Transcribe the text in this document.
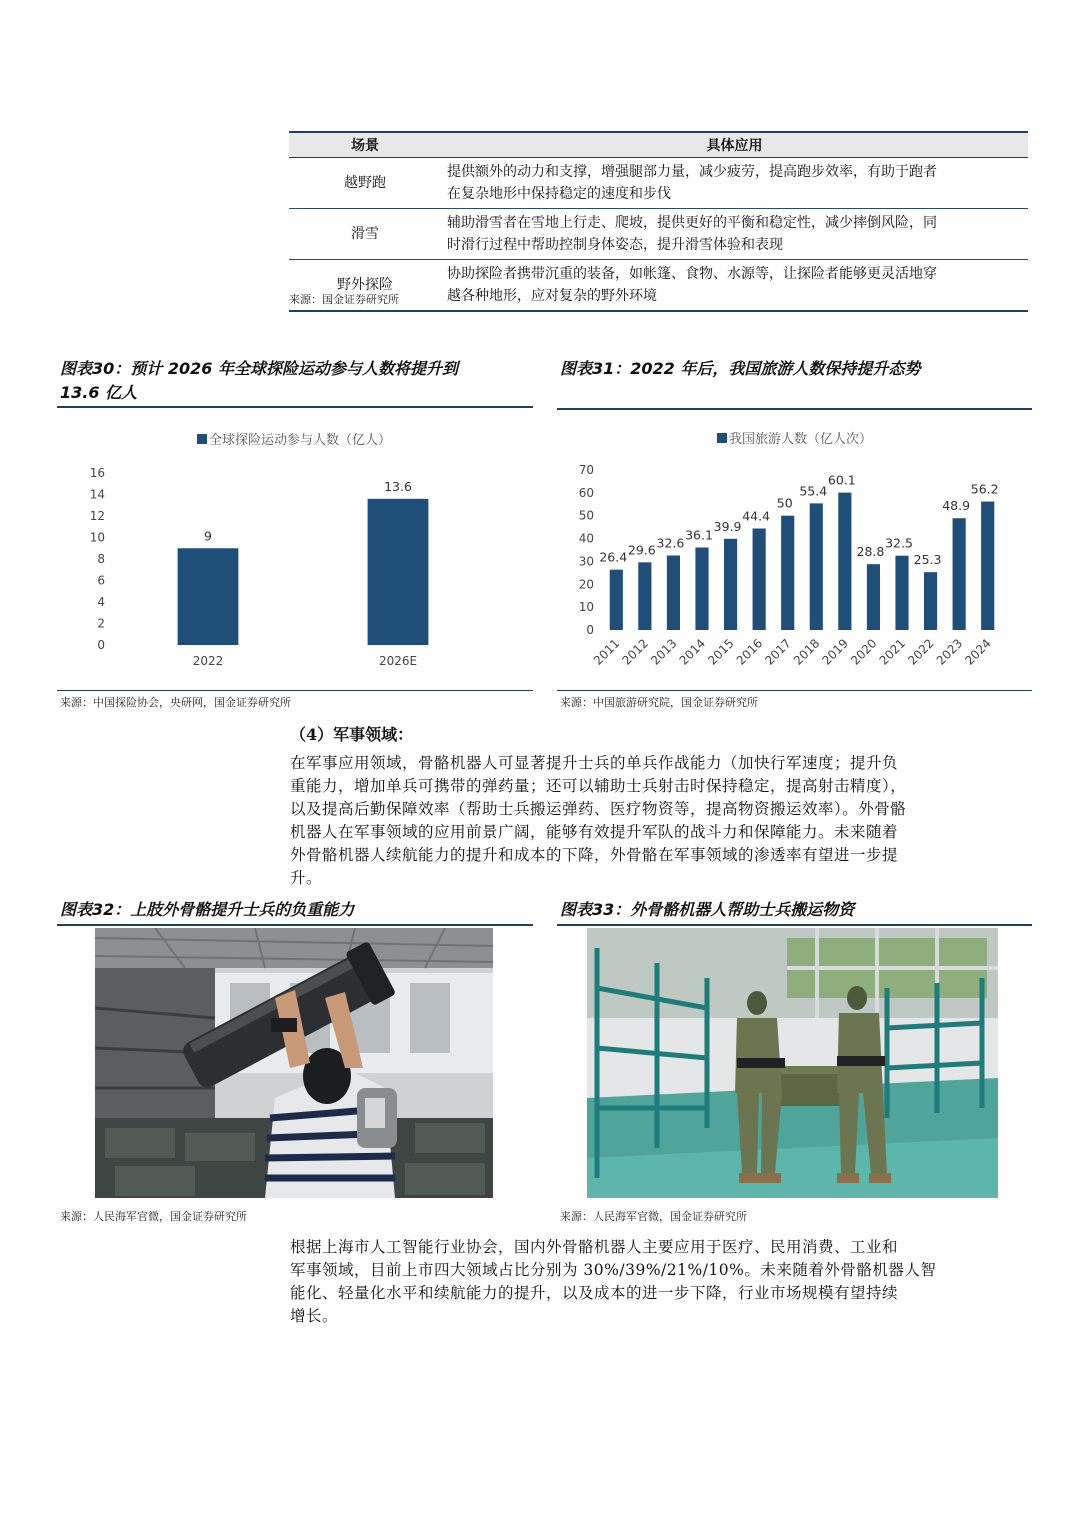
场景	具体应用
越野跑	提供额外的动力和支撑，增强腿部力量，减少疲劳，提高跑步效率，有助于跑者
在复杂地形中保持稳定的速度和步伐

滑雪	辅助滑雪者在雪地上行走、爬坡，提供更好的平衡和稳定性，减少摔倒风险，同
时滑行过程中帮助控制身体姿态，提升滑雪体验和表现

野外探险	协助探险者携带沉重的装备，如帐篷、食物、水源等，让探险者能够更灵活地穿
越各种地形，应对复杂的野外环境
来源：国金证券研究所
图表30：预计 2026 年全球探险运动参与人数将提升到
13.6 亿人
图表31：2022 年后，我国旅游人数保持提升态势
全球探险运动参与人数（亿人）
0
2
4
6
8
10
12
14
16
9
13.6
2022	2026E
来源：中国探险协会，央研网，国金证券研究所
我国旅游人数（亿人次）
0
10
20
30
40
50
60
70
26.4 29.6 32.6
36.1
39.9
44.4
50
55.4
60.1
28.8
32.5
25.3
48.9
56.2
2011
2012
2013
2014
2015
2016
2017
2018
2019
2020
2021
2022
2023
2024
来源：中国旅游研究院，国金证券研究所
（4）军事领域：
在军事应用领域，骨骼机器人可显著提升士兵的单兵作战能力（加快行军速度；提升负
重能力，增加单兵可携带的弹药量；还可以辅助士兵射击时保持稳定，提高射击精度），
以及提高后勤保障效率（帮助士兵搬运弹药、医疗物资等，提高物资搬运效率）。外骨骼
机器人在军事领域的应用前景广阔，能够有效提升军队的战斗力和保障能力。未来随着
外骨骼机器人续航能力的提升和成本的下降，外骨骼在军事领域的渗透率有望进一步提
升。
图表32：上肢外骨骼提升士兵的负重能力	图表33：外骨骼机器人帮助士兵搬运物资
来源：人民海军官微，国金证券研究所	来源：人民海军官微，国金证券研究所
根据上海市人工智能行业协会，国内外骨骼机器人主要应用于医疗、民用消费、工业和
军事领域，目前上市四大领域占比分别为 30%/39%/21%/10%。未来随着外骨骼机器人智
能化、轻量化水平和续航能力的提升，以及成本的进一步下降，行业市场规模有望持续
增长。
